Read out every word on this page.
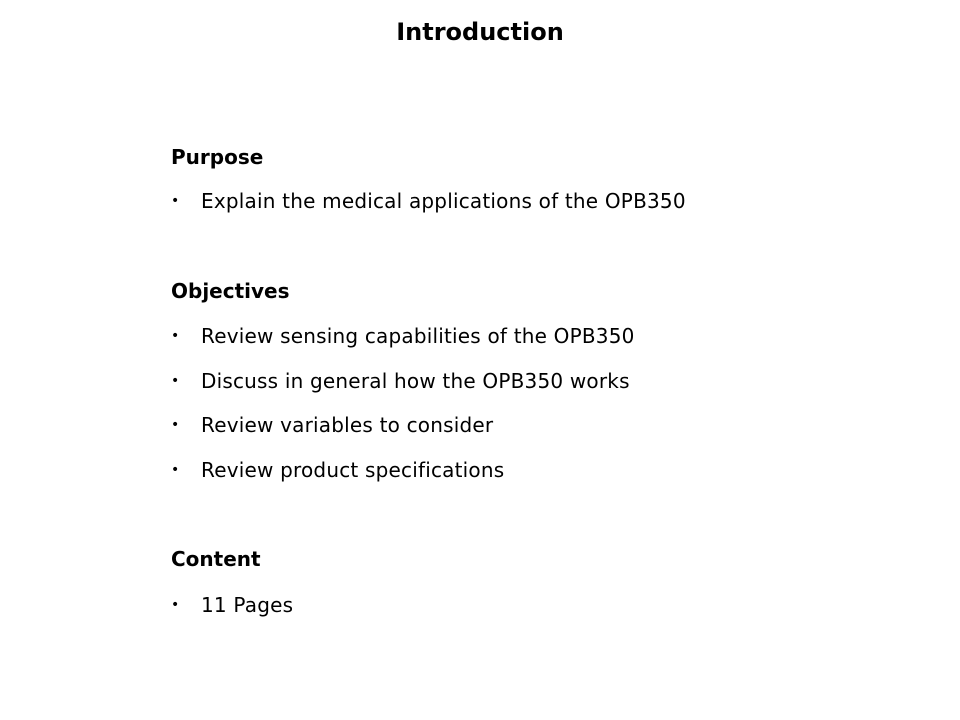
Introduction
Purpose
• Explain the medical applications of the OPB350
Objectives
• Review sensing capabilities of the OPB350
• Discuss in general how the OPB350 works
• Review variables to consider
• Review product specifications
Content
• 11 Pages
